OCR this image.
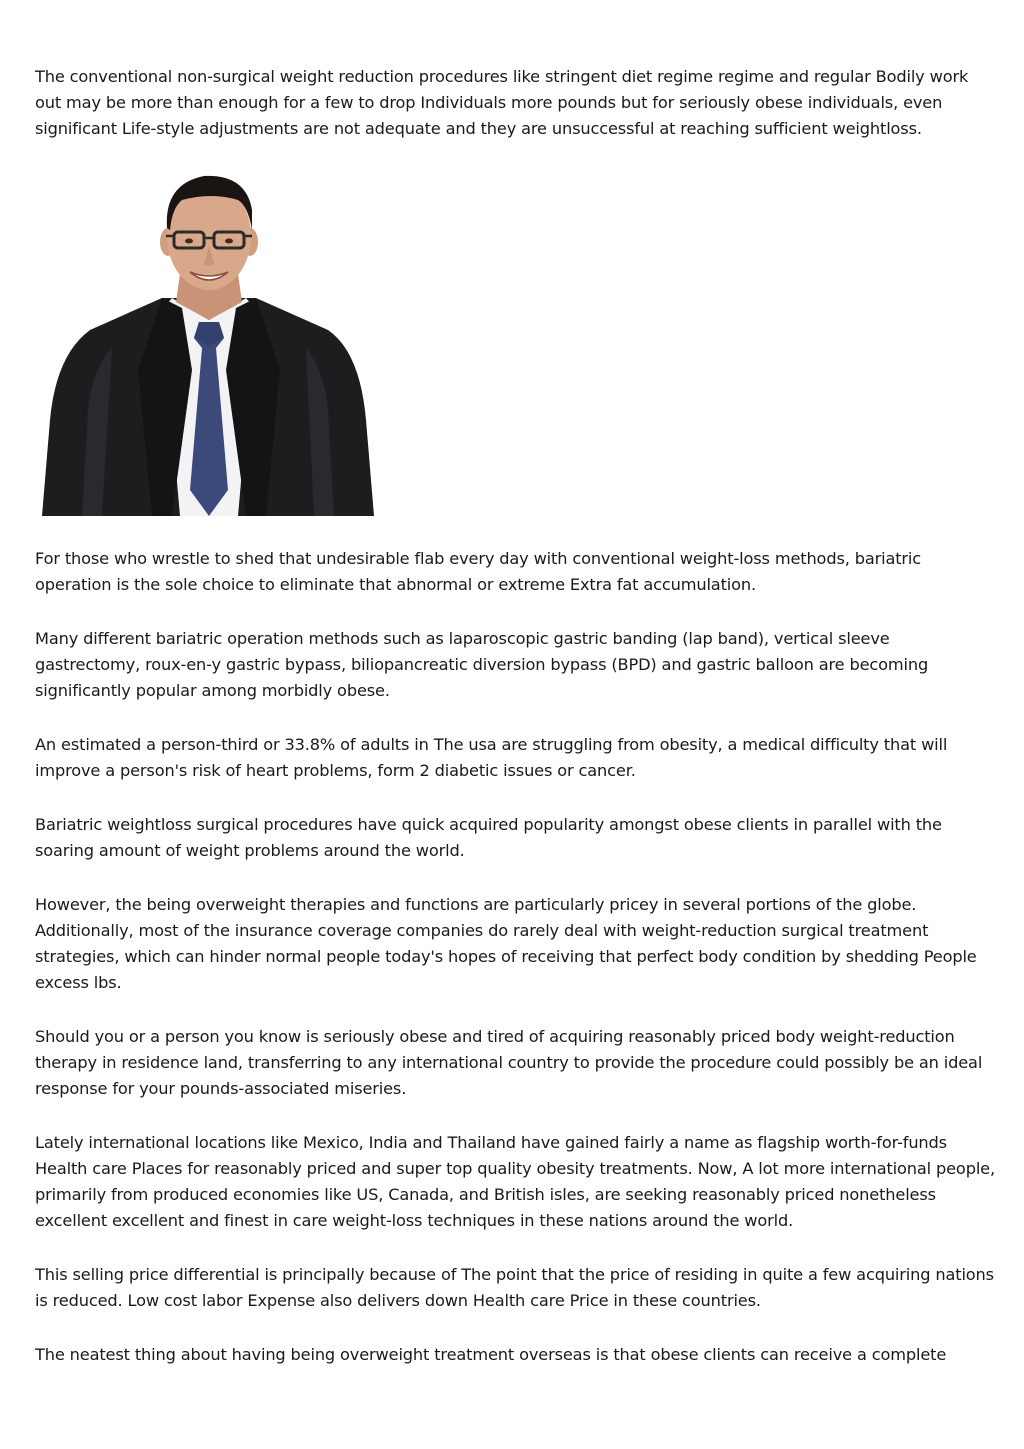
The conventional non-surgical weight reduction procedures like stringent diet regime regime and regular Bodily work out may be more than enough for a few to drop Individuals more pounds but for seriously obese individuals, even significant Life-style adjustments are not adequate and they are unsuccessful at reaching sufficient weightloss.

For those who wrestle to shed that undesirable flab every day with conventional weight-loss methods, bariatric operation is the sole choice to eliminate that abnormal or extreme Extra fat accumulation.

Many different bariatric operation methods such as laparoscopic gastric banding (lap band), vertical sleeve gastrectomy, roux-en-y gastric bypass, biliopancreatic diversion bypass (BPD) and gastric balloon are becoming significantly popular among morbidly obese.

An estimated a person-third or 33.8% of adults in The usa are struggling from obesity, a medical difficulty that will improve a person's risk of heart problems, form 2 diabetic issues or cancer.

Bariatric weightloss surgical procedures have quick acquired popularity amongst obese clients in parallel with the soaring amount of weight problems around the world.

However, the being overweight therapies and functions are particularly pricey in several portions of the globe. Additionally, most of the insurance coverage companies do rarely deal with weight-reduction surgical treatment strategies, which can hinder normal people today's hopes of receiving that perfect body condition by shedding People excess lbs.

Should you or a person you know is seriously obese and tired of acquiring reasonably priced body weight-reduction therapy in residence land, transferring to any international country to provide the procedure could possibly be an ideal response for your pounds-associated miseries.

Lately international locations like Mexico, India and Thailand have gained fairly a name as flagship worth-for-funds Health care Places for reasonably priced and super top quality obesity treatments. Now, A lot more international people, primarily from produced economies like US, Canada, and British isles, are seeking reasonably priced nonetheless excellent excellent and finest in care weight-loss techniques in these nations around the world.

This selling price differential is principally because of The point that the price of residing in quite a few acquiring nations is reduced. Low cost labor Expense also delivers down Health care Price in these countries.

The neatest thing about having being overweight treatment overseas is that obese clients can receive a complete
